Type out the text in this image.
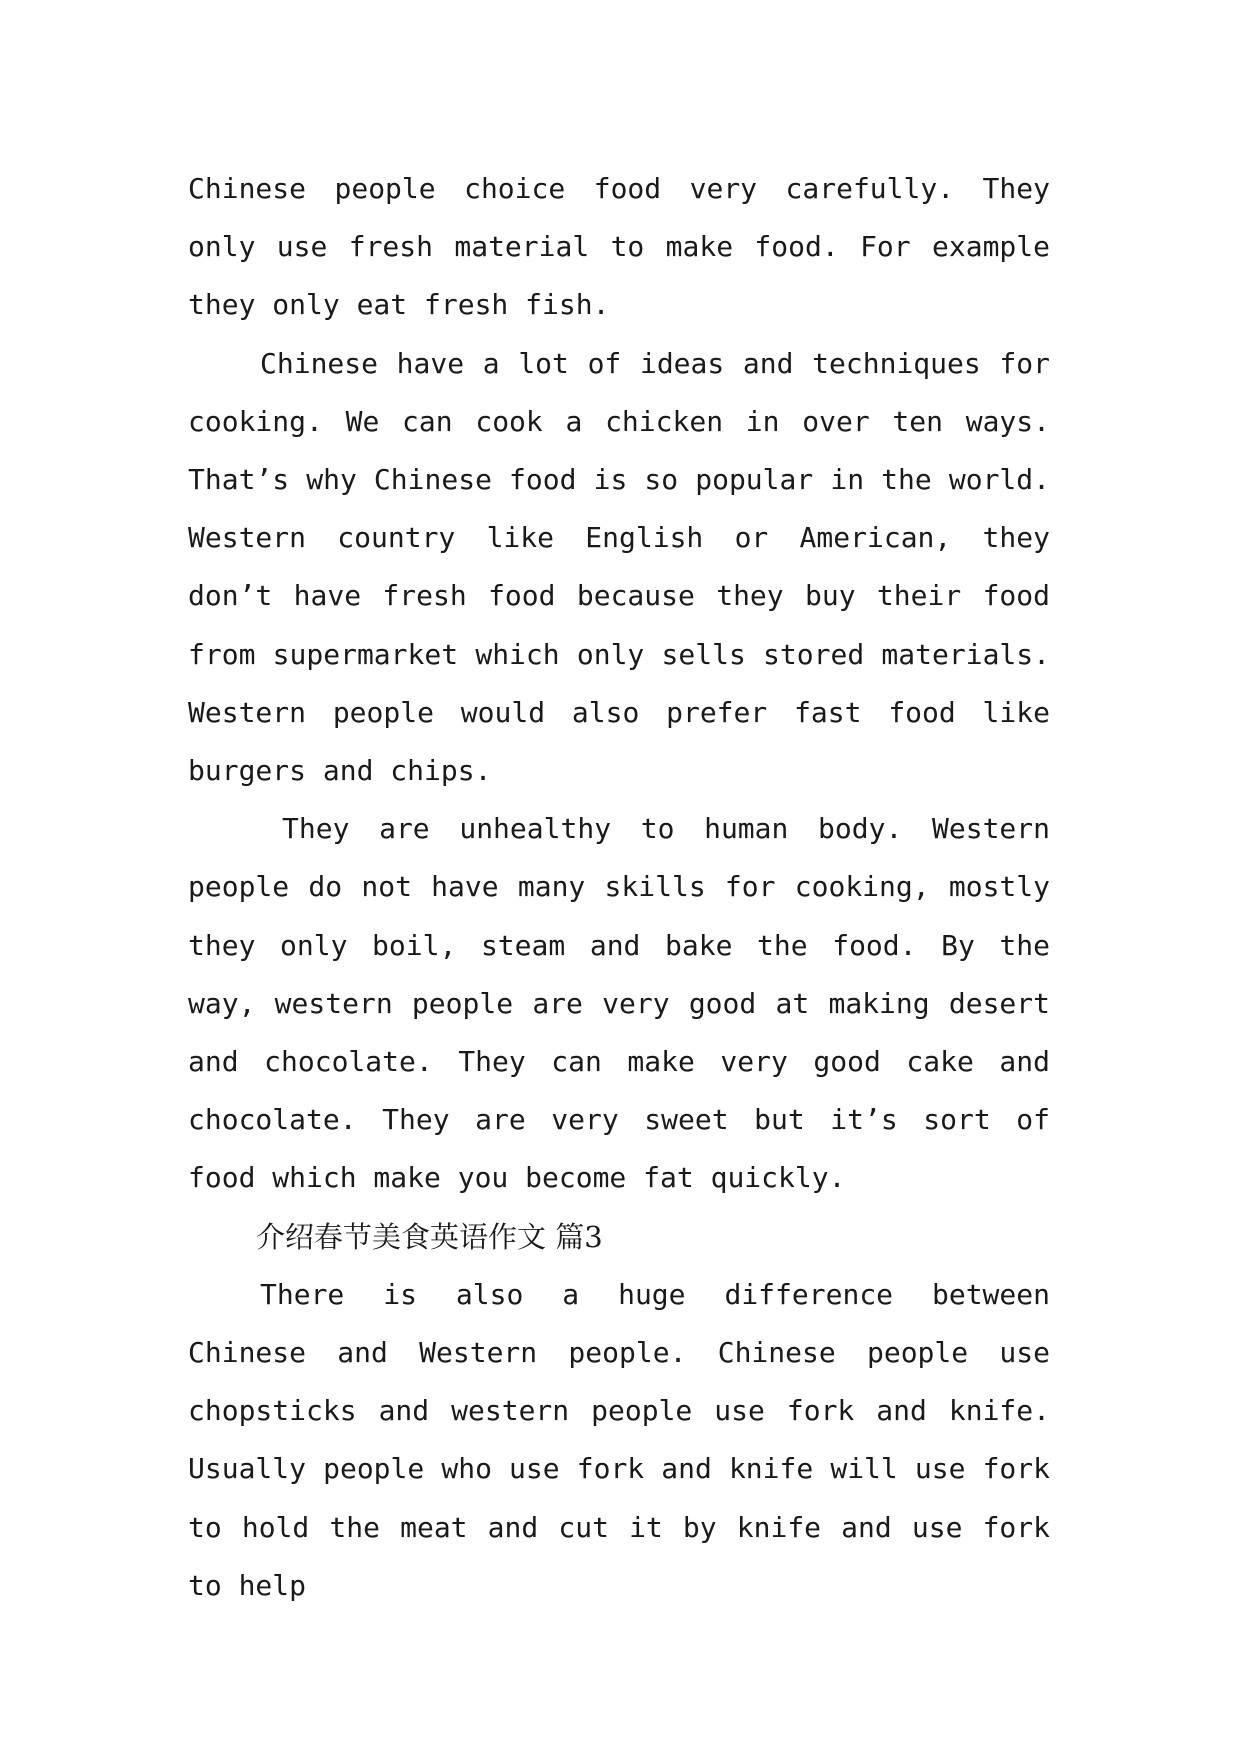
Chinese people choice food very carefully. They only use fresh material to make food. For example they only eat fresh fish.

Chinese have a lot of ideas and techniques for cooking. We can cook a chicken in over ten ways. That’s why Chinese food is so popular in the world. Western country like English or American, they don’t have fresh food because they buy their food from supermarket which only sells stored materials. Western people would also prefer fast food like burgers and chips.

They are unhealthy to human body. Western people do not have many skills for cooking, mostly they only boil, steam and bake the food. By the way, western people are very good at making desert and chocolate. They can make very good cake and chocolate. They are very sweet but it’s sort of food which make you become fat quickly.

介绍春节美食英语作文 篇3

There is also a huge difference between Chinese and Western people. Chinese people use chopsticks and western people use fork and knife. Usually people who use fork and knife will use fork to hold the meat and cut it by knife and use fork to help
